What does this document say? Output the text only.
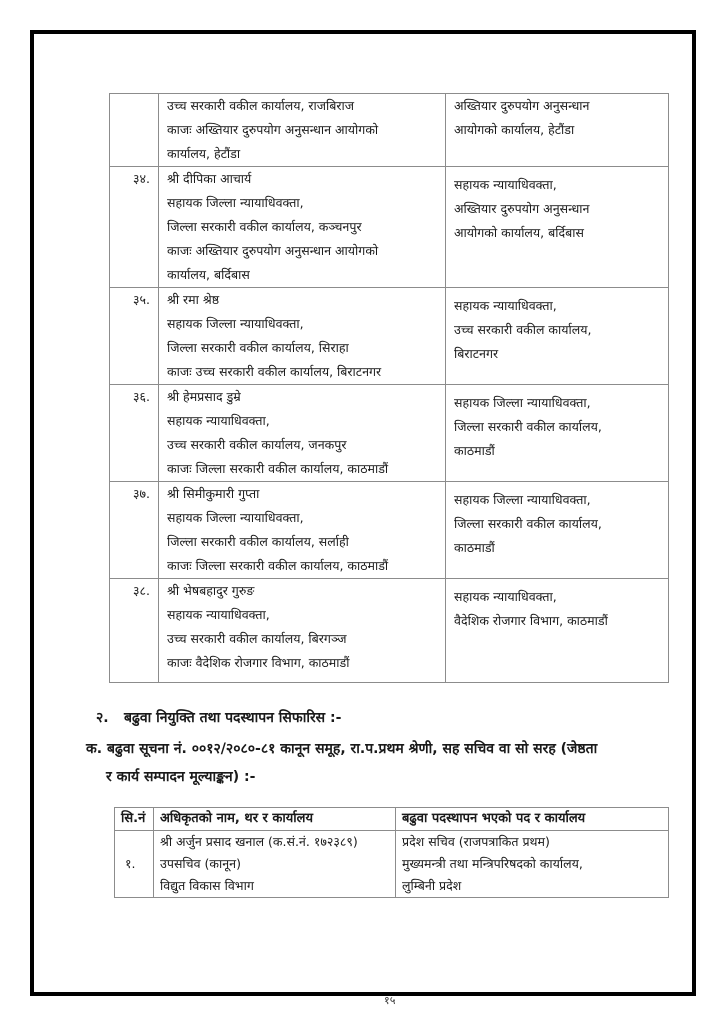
	उच्च सरकारी वकील कार्यालय, राजबिराज
काजः अख्तियार दुरुपयोग अनुसन्धान आयोगको
कार्यालय, हेटौंडा	अख्तियार दुरुपयोग अनुसन्धान
आयोगको कार्यालय, हेटौंडा

३४.	श्री दीपिका आचार्य
सहायक जिल्ला न्यायाधिवक्ता,
जिल्ला सरकारी वकील कार्यालय, कञ्चनपुर
काजः अख्तियार दुरुपयोग अनुसन्धान आयोगको
कार्यालय, बर्दिबास	सहायक न्यायाधिवक्ता,
अख्तियार दुरुपयोग अनुसन्धान
आयोगको कार्यालय, बर्दिबास

३५.	श्री रमा श्रेष्ठ
सहायक जिल्ला न्यायाधिवक्ता,
जिल्ला सरकारी वकील कार्यालय, सिराहा
काजः उच्च सरकारी वकील कार्यालय, बिराटनगर	सहायक न्यायाधिवक्ता,
उच्च सरकारी वकील कार्यालय,
बिराटनगर

३६.	श्री हेमप्रसाद डुम्रे
सहायक न्यायाधिवक्ता,
उच्च सरकारी वकील कार्यालय, जनकपुर
काजः जिल्ला सरकारी वकील कार्यालय, काठमाडौं	सहायक जिल्ला न्यायाधिवक्ता,
जिल्ला सरकारी वकील कार्यालय,
काठमाडौं

३७.	श्री सिमीकुमारी गुप्ता
सहायक जिल्ला न्यायाधिवक्ता,
जिल्ला सरकारी वकील कार्यालय, सर्लाही
काजः जिल्ला सरकारी वकील कार्यालय, काठमाडौं	सहायक जिल्ला न्यायाधिवक्ता,
जिल्ला सरकारी वकील कार्यालय,
काठमाडौं

३८.	श्री भेषबहादुर गुरुङ
सहायक न्यायाधिवक्ता,
उच्च सरकारी वकील कार्यालय, बिरगञ्ज
काजः वैदेशिक रोजगार विभाग, काठमाडौं	सहायक न्यायाधिवक्ता,
वैदेशिक रोजगार विभाग, काठमाडौं
२. बढुवा नियुक्ति तथा पदस्थापन सिफारिस :-
क. बढुवा सूचना नं. ००१२/२०८०-८१ कानून समूह, रा.प.प्रथम श्रेणी, सह सचिव वा सो सरह (जेष्ठता
र कार्य सम्पादन मूल्याङ्कन) :-
सि.नं	अधिकृतको नाम, थर र कार्यालय	बढुवा पदस्थापन भएको पद र कार्यालय
१.	श्री अर्जुन प्रसाद खनाल (क.सं.नं. १७२३८९)
उपसचिव (कानून)
विद्युत विकास विभाग	प्रदेश सचिव (राजपत्राकित प्रथम)
मुख्यमन्त्री तथा मन्त्रिपरिषदको कार्यालय,
लुम्बिनी प्रदेश
१५
